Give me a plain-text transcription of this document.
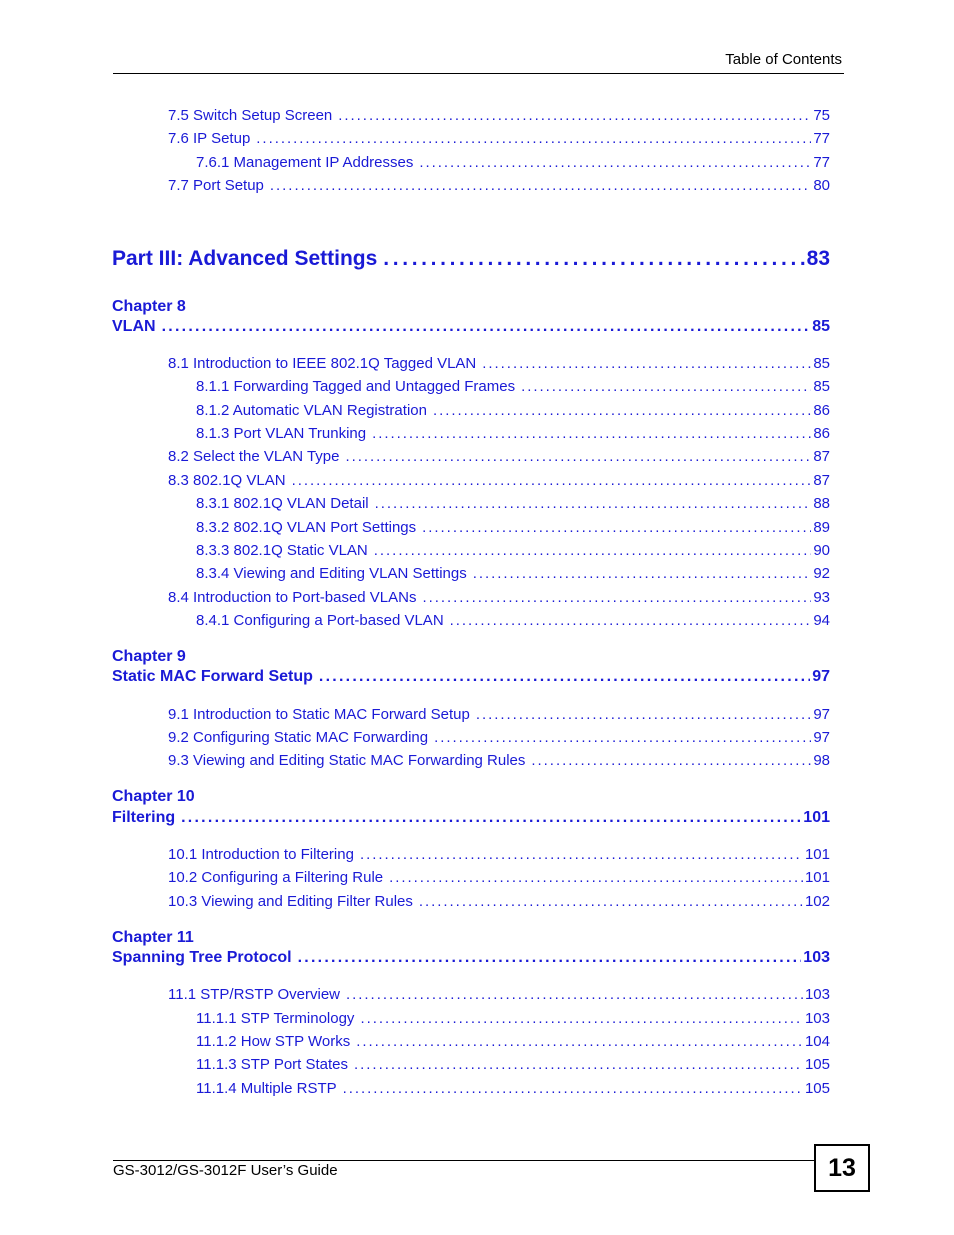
Table of Contents
7.5 Switch Setup Screen . . .	75
7.6 IP Setup . . .	77
7.6.1 Management IP Addresses . . .	77
7.7 Port Setup . . .	80
Part III: Advanced Settings . . .	83
Chapter 8
VLAN . . .	85
8.1 Introduction to IEEE 802.1Q Tagged VLAN . . .	85
8.1.1 Forwarding Tagged and Untagged Frames . . .	85
8.1.2 Automatic VLAN Registration . . .	86
8.1.3 Port VLAN Trunking . . .	86
8.2 Select the VLAN Type . . .	87
8.3 802.1Q VLAN . . .	87
8.3.1 802.1Q VLAN Detail . . .	88
8.3.2 802.1Q VLAN Port Settings . . .	89
8.3.3 802.1Q Static VLAN . . .	90
8.3.4 Viewing and Editing VLAN Settings . . .	92
8.4 Introduction to Port-based VLANs . . .	93
8.4.1 Configuring a Port-based VLAN . . .	94
Chapter 9
Static MAC Forward Setup . . .	97
9.1 Introduction to Static MAC Forward Setup . . .	97
9.2 Configuring Static MAC Forwarding . . .	97
9.3 Viewing and Editing Static MAC Forwarding Rules . . .	98
Chapter 10
Filtering . . .	101
10.1 Introduction to Filtering . . .	101
10.2 Configuring a Filtering Rule . . .	101
10.3 Viewing and Editing Filter Rules . . .	102
Chapter 11
Spanning Tree Protocol . . .	103
11.1 STP/RSTP Overview . . .	103
11.1.1 STP Terminology . . .	103
11.1.2 How STP Works . . .	104
11.1.3 STP Port States . . .	105
11.1.4 Multiple RSTP . . .	105
GS-3012/GS-3012F User’s Guide	13
